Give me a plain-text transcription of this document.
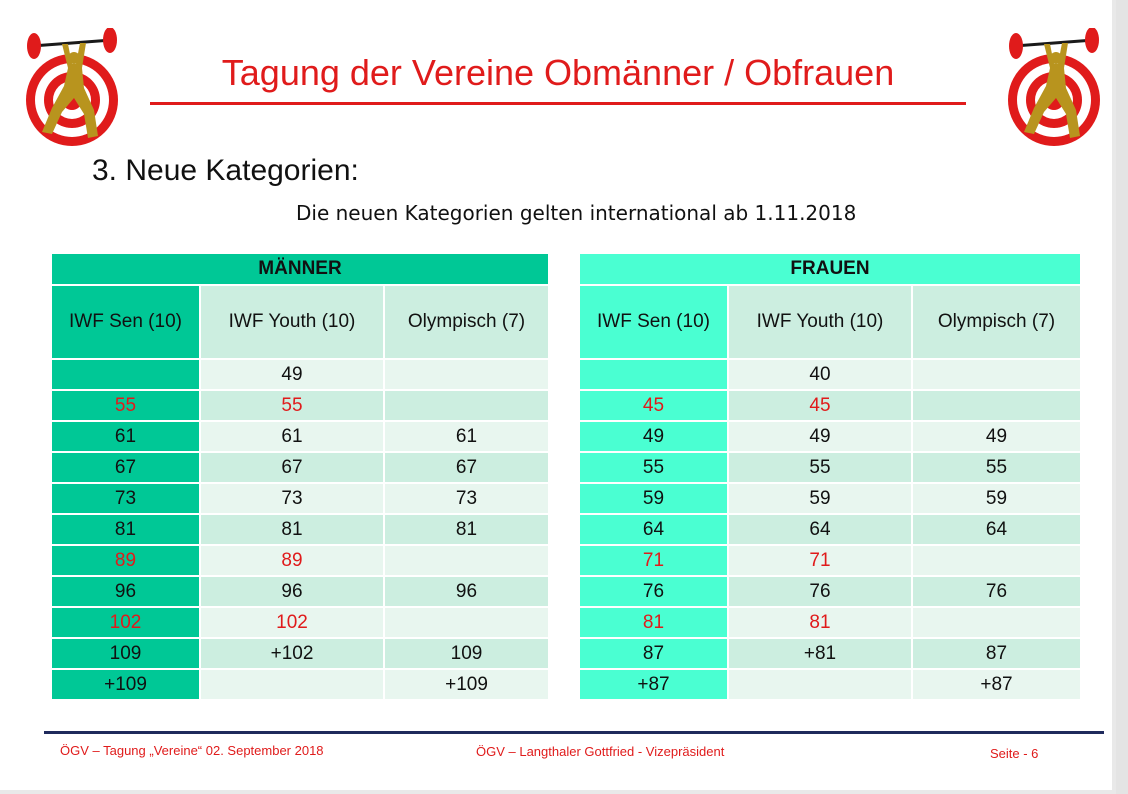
Tagung der Vereine Obmänner / Obfrauen
3. Neue Kategorien:
Die neuen Kategorien gelten international ab 1.11.2018
MÄNNER		
IWF Sen (10)	IWF Youth (10)	Olympisch (7)
	49	
55	55	
61	61	61
67	67	67
73	73	73
81	81	81
89	89	
96	96	96
102	102	
109	+102	109
+109		+109
FRAUEN		
IWF Sen (10)	IWF Youth (10)	Olympisch (7)
	40	
45	45	
49	49	49
55	55	55
59	59	59
64	64	64
71	71	
76	76	76
81	81	
87	+81	87
+87		+87
ÖGV – Tagung „Vereine“ 02. September 2018	ÖGV – Langthaler Gottfried - Vizepräsident	Seite - 6
